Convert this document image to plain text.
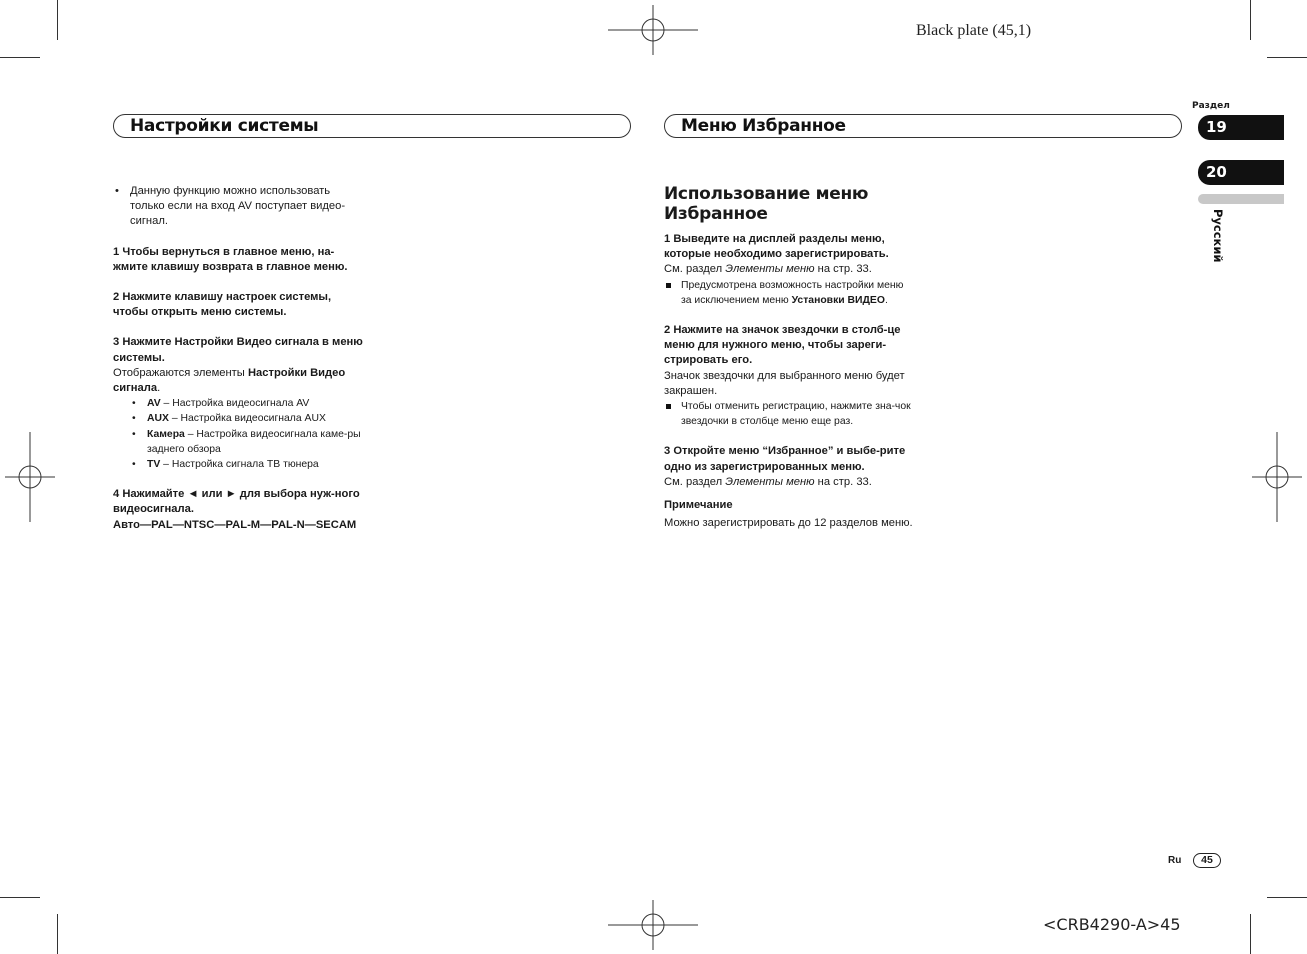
Black plate (45,1)
Настройки системы	Меню Избранное
Раздел
19
20
Русский

• Данную функцию можно использовать только если на вход AV поступает видео-сигнал.

1 Чтобы вернуться в главное меню, на-жмите клавишу возврата в главное меню.

2 Нажмите клавишу настроек системы, чтобы открыть меню системы.

3 Нажмите Настройки Видео сигнала в меню системы.

Отображаются элементы Настройки Видео сигнала.

• AV – Настройка видеосигнала AV

• AUX – Настройка видеосигнала AUX

• Камера – Настройка видеосигнала каме-ры заднего обзора

• TV – Настройка сигнала ТВ тюнера

4 Нажимайте ◄ или ► для выбора нуж-ного видеосигнала.

Авто—PAL—NTSC—PAL-M—PAL-N—SECAM

Использование меню Избранное

1 Выведите на дисплей разделы меню, которые необходимо зарегистрировать.

См. раздел Элементы меню на стр. 33.

Предусмотрена возможность настройки меню за исключением меню Установки ВИДЕО.

2 Нажмите на значок звездочки в столб-це меню для нужного меню, чтобы зареги-стрировать его.

Значок звездочки для выбранного меню будет закрашен.

Чтобы отменить регистрацию, нажмите зна-чок звездочки в столбце меню еще раз.

3 Откройте меню “Избранное” и выбе-рите одно из зарегистрированных меню.

См. раздел Элементы меню на стр. 33.

Примечание

Можно зарегистрировать до 12 разделов меню.

Ru	45
<CRB4290-A>45
